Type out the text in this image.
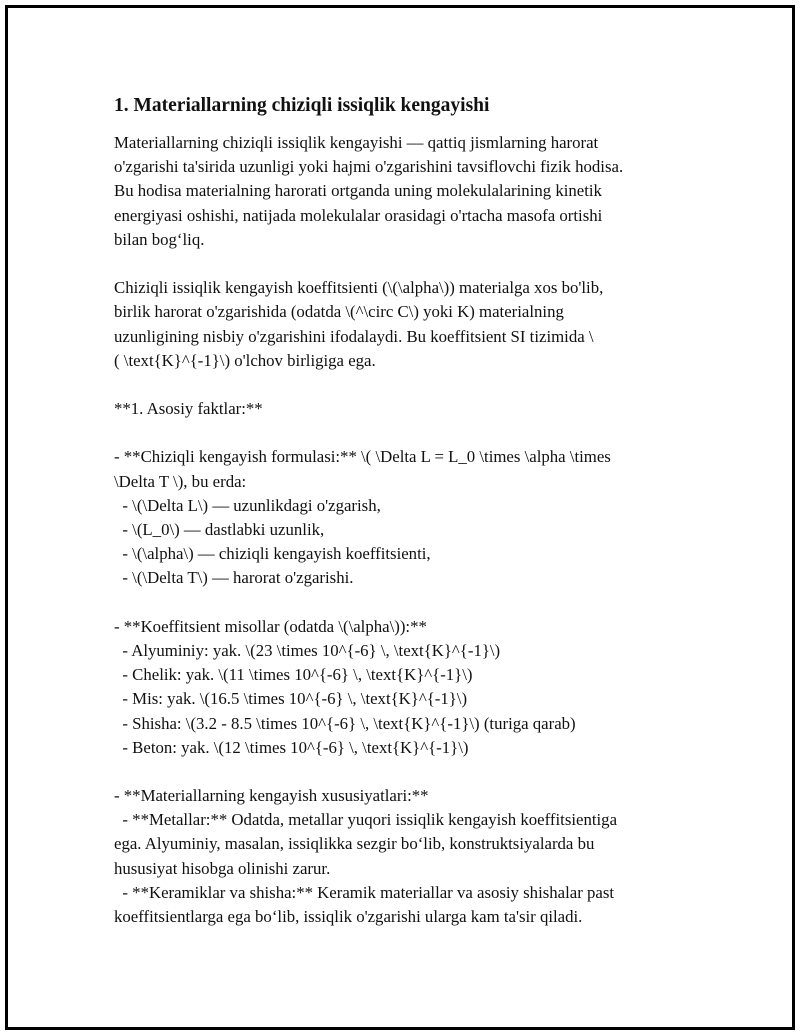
1. Materiallarning chiziqli issiqlik kengayishi
Materiallarning chiziqli issiqlik kengayishi — qattiq jismlarning harorat
o'zgarishi ta'sirida uzunligi yoki hajmi o'zgarishini tavsiflovchi fizik hodisa.
Bu hodisa materialning harorati ortganda uning molekulalarining kinetik
energiyasi oshishi, natijada molekulalar orasidagi o'rtacha masofa ortishi
bilan bog‘liq.
Chiziqli issiqlik kengayish koeffitsienti (\(\alpha\)) materialga xos bo'lib,
birlik harorat o'zgarishida (odatda \(^\circ C\) yoki K) materialning
uzunligining nisbiy o'zgarishini ifodalaydi. Bu koeffitsient SI tizimida \
( \text{K}^{-1}\) o'lchov birligiga ega.
**1. Asosiy faktlar:**
- **Chiziqli kengayish formulasi:** \( \Delta L = L_0 \times \alpha \times
\Delta T \), bu erda:
- \(\Delta L\) — uzunlikdagi o'zgarish,
- \(L_0\) — dastlabki uzunlik,
- \(\alpha\) — chiziqli kengayish koeffitsienti,
- \(\Delta T\) — harorat o'zgarishi.
- **Koeffitsient misollar (odatda \(\alpha\)):**
- Alyuminiy: yak. \(23 \times 10^{-6} \, \text{K}^{-1}\)
- Chelik: yak. \(11 \times 10^{-6} \, \text{K}^{-1}\)
- Mis: yak. \(16.5 \times 10^{-6} \, \text{K}^{-1}\)
- Shisha: \(3.2 - 8.5 \times 10^{-6} \, \text{K}^{-1}\) (turiga qarab)
- Beton: yak. \(12 \times 10^{-6} \, \text{K}^{-1}\)
- **Materiallarning kengayish xususiyatlari:**
- **Metallar:** Odatda, metallar yuqori issiqlik kengayish koeffitsientiga
ega. Alyuminiy, masalan, issiqlikka sezgir bo‘lib, konstruktsiyalarda bu
hususiyat hisobga olinishi zarur.
- **Keramiklar va shisha:** Keramik materiallar va asosiy shishalar past
koeffitsientlarga ega bo‘lib, issiqlik o'zgarishi ularga kam ta'sir qiladi.
